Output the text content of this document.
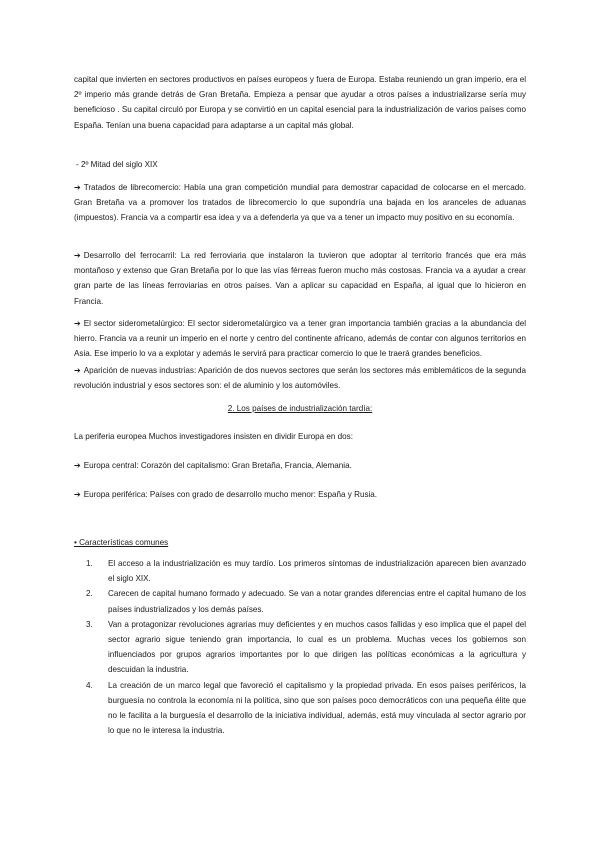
capital que invierten en sectores productivos en países europeos y fuera de Europa. Estaba reuniendo un gran imperio, era el 2º imperio más grande detrás de Gran Bretaña. Empieza a pensar que ayudar a otros países a industrializarse sería muy beneficioso . Su capital circuló por Europa y se convirtió en un capital esencial para la industrialización de varios países como España. Tenían una buena capacidad para adaptarse a un capital más global.

- 2º Mitad del siglo XIX

➔ Tratados de librecomercio: Había una gran competición mundial para demostrar capacidad de colocarse en el mercado. Gran Bretaña va a promover los tratados de librecomercio lo que supondría una bajada en los aranceles de aduanas (impuestos). Francia va a compartir esa idea y va a defenderla ya que va a tener un impacto muy positivo en su economía.

➔ Desarrollo del ferrocarril: La red ferroviaria que instalaron la tuvieron que adoptar al territorio francés que era más montañoso y extenso que Gran Bretaña por lo que las vías férreas fueron mucho más costosas. Francia va a ayudar a crear gran parte de las líneas ferroviarias en otros países. Van a aplicar su capacidad en España, al igual que lo hicieron en Francia.

➔ El sector siderometalúrgico: El sector siderometalúrgico va a tener gran importancia también gracias a la abundancia del hierro. Francia va a reunir un imperio en el norte y centro del continente africano, además de contar con algunos territorios en Asia. Ese imperio lo va a explotar y además le servirá para practicar comercio lo que le traerá grandes beneficios.

➔ Aparición de nuevas industrias: Aparición de dos nuevos sectores que serán los sectores más emblemáticos de la segunda revolución industrial y esos sectores son: el de aluminio y los automóviles.

2. Los países de industrialización tardía:

La periferia europea Muchos investigadores insisten en dividir Europa en dos:

➔ Europa central: Corazón del capitalismo: Gran Bretaña, Francia, Alemania.

➔ Europa periférica: Países con grado de desarrollo mucho menor: España y Rusia.

• Características comunes

1. El acceso a la industrialización es muy tardío. Los primeros síntomas de industrialización aparecen bien avanzado el siglo XIX.
2. Carecen de capital humano formado y adecuado. Se van a notar grandes diferencias entre el capital humano de los países industrializados y los demás países.
3. Van a protagonizar revoluciones agrarias muy deficientes y en muchos casos fallidas y eso implica que el papel del sector agrario sigue teniendo gran importancia, lo cual es un problema. Muchas veces los gobiernos son influenciados por grupos agrarios importantes por lo que dirigen las políticas económicas a la agricultura y descuidan la industria.
4. La creación de un marco legal que favoreció el capitalismo y la propiedad privada. En esos países periféricos, la burguesía no controla la economía ni la política, sino que son países poco democráticos con una pequeña élite que no le facilita a la burguesía el desarrollo de la iniciativa individual, además, está muy vinculada al sector agrario por lo que no le interesa la industria.
